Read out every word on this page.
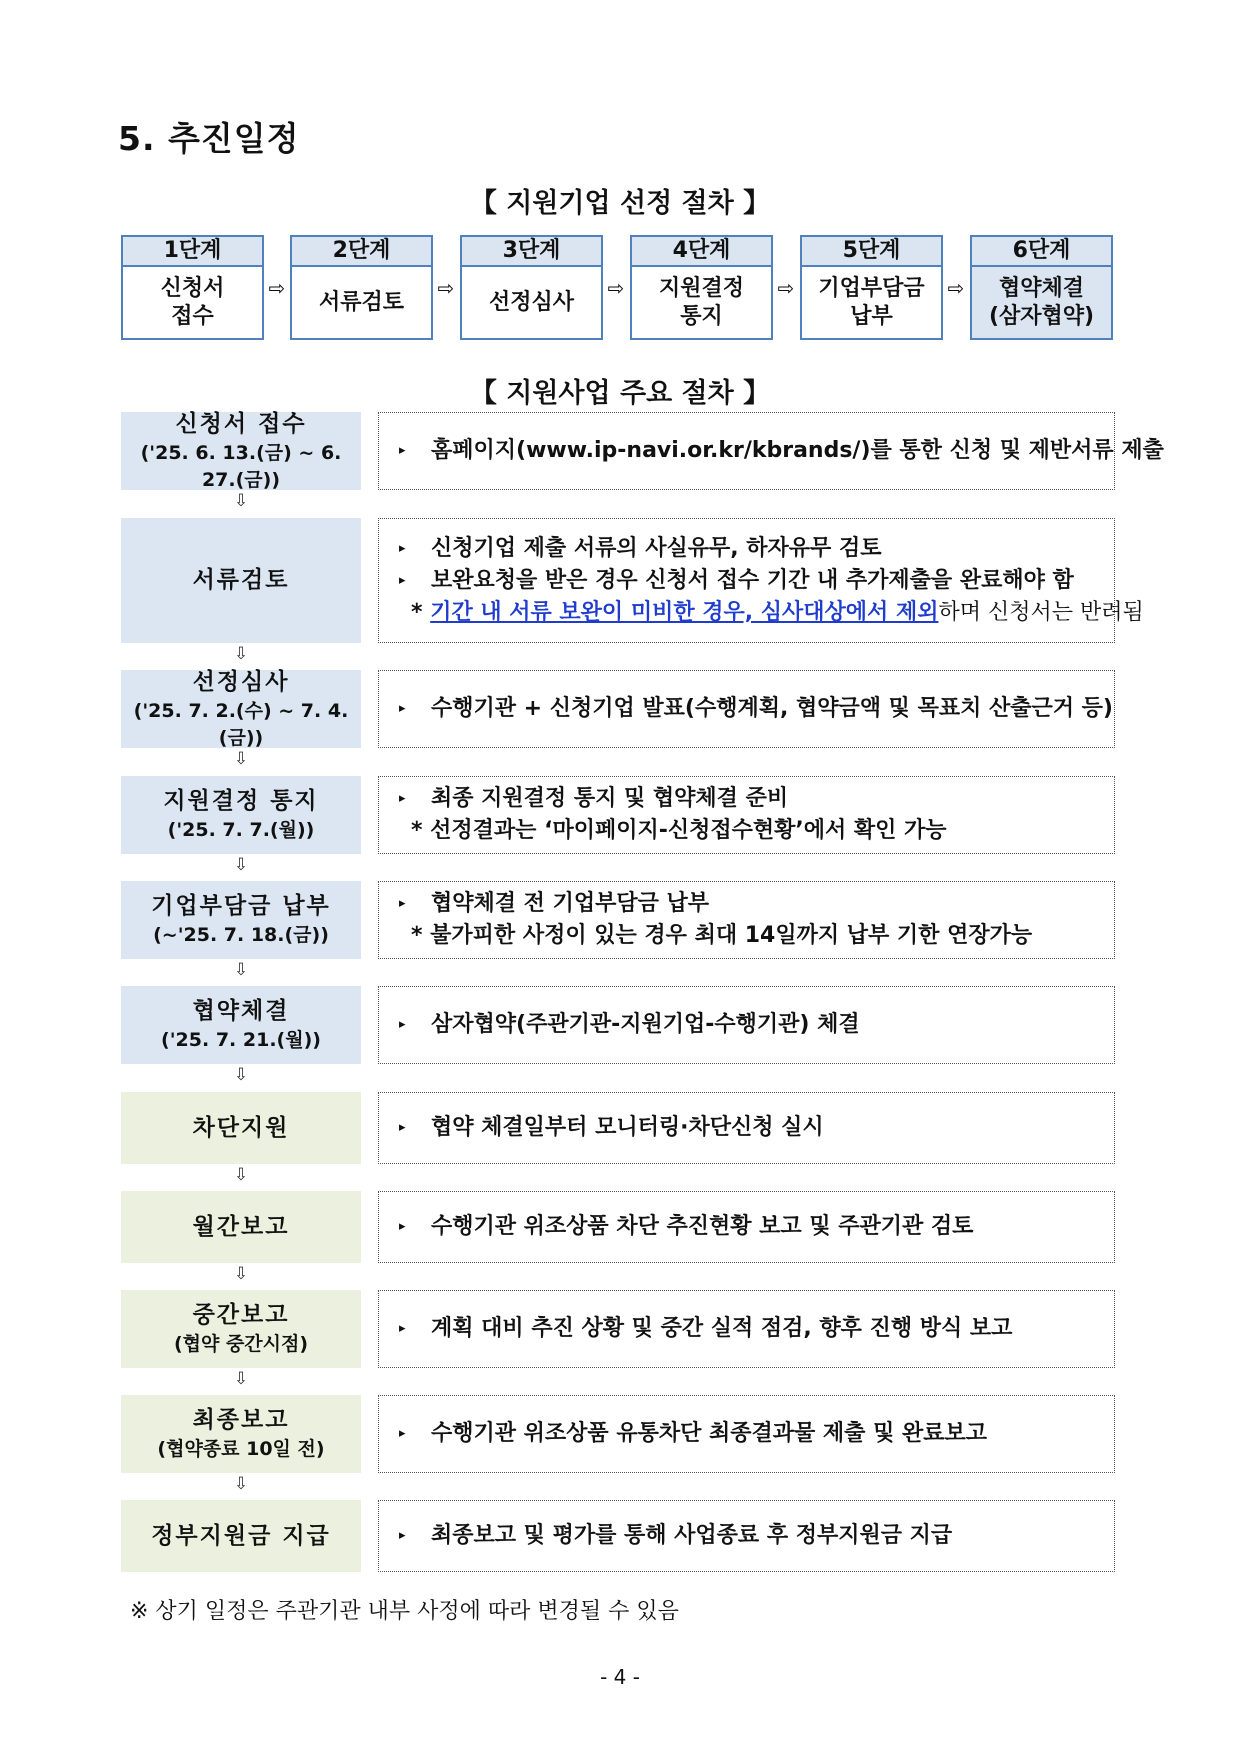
5. 추진일정
【 지원기업 선정 절차 】
1단계
신청서
접수
⇨
2단계
서류검토
⇨
3단계
선정심사
⇨
4단계
지원결정
통지
⇨
5단계
기업부담금
납부
⇨
6단계
협약체결
(삼자협약)
【 지원사업 주요 절차 】
신청서 접수
('25. 6. 13.(금) ~ 6. 27.(금))
▸ 홈페이지(www.ip-navi.or.kr/kbrands/)를 통한 신청 및 제반서류 제출
⇩
서류검토
▸ 신청기업 제출 서류의 사실유무, 하자유무 검토
▸ 보완요청을 받은 경우 신청서 접수 기간 내 추가제출을 완료해야 함
* 기간 내 서류 보완이 미비한 경우, 심사대상에서 제외하며 신청서는 반려됨
⇩
선정심사
('25. 7. 2.(수) ~ 7. 4.(금))
▸ 수행기관 + 신청기업 발표(수행계획, 협약금액 및 목표치 산출근거 등)
⇩
지원결정 통지
('25. 7. 7.(월))
▸ 최종 지원결정 통지 및 협약체결 준비
* 선정결과는 ‘마이페이지-신청접수현황’에서 확인 가능
⇩
기업부담금 납부
(~'25. 7. 18.(금))
▸ 협약체결 전 기업부담금 납부
* 불가피한 사정이 있는 경우 최대 14일까지 납부 기한 연장가능
⇩
협약체결
('25. 7. 21.(월))
▸ 삼자협약(주관기관-지원기업-수행기관) 체결
⇩
차단지원	▸ 협약 체결일부터 모니터링·차단신청 실시
⇩
월간보고	▸ 수행기관 위조상품 차단 추진현황 보고 및 주관기관 검토
⇩
중간보고
(협약 중간시점)
▸ 계획 대비 추진 상황 및 중간 실적 점검, 향후 진행 방식 보고
⇩
최종보고
(협약종료 10일 전)
▸ 수행기관 위조상품 유통차단 최종결과물 제출 및 완료보고
⇩
정부지원금 지급	▸ 최종보고 및 평가를 통해 사업종료 후 정부지원금 지급
※ 상기 일정은 주관기관 내부 사정에 따라 변경될 수 있음
- 4 -
